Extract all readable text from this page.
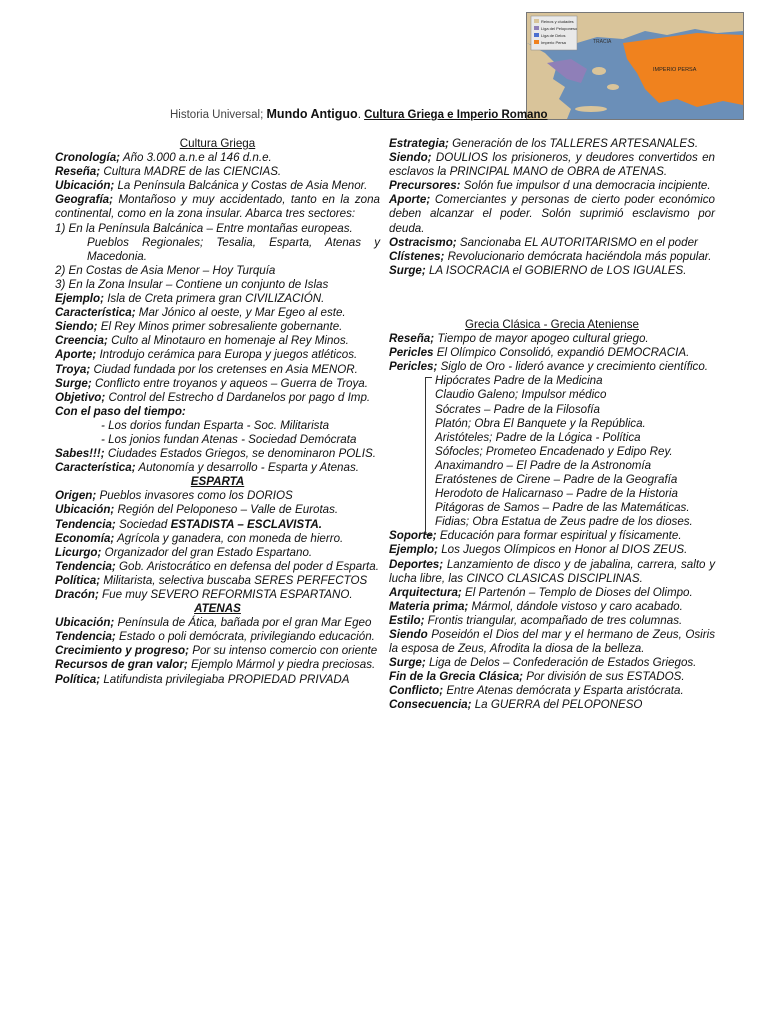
Reinos y ciudades
Liga del Peloponeso
Liga de Delos
Imperio Persa	TRACIA
IMPERIO PERSA
Historia Universal; Mundo Antiguo. Cultura Griega e Imperio Romano
Cultura Griega
Cronología; Año 3.000 a.n.e al 146 d.n.e.
Reseña; Cultura MADRE de las CIENCIAS.
Ubicación; La Península Balcánica y Costas de Asia Menor.
Geografía; Montañoso y muy accidentado, tanto en la zona continental, como en la zona insular. Abarca tres sectores:
1) En la Península Balcánica – Entre montañas europeas.
Pueblos Regionales; Tesalia, Esparta, Atenas y Macedonia.
2) En Costas de Asia Menor – Hoy Turquía
3) En la Zona Insular – Contiene un conjunto de Islas
Ejemplo; Isla de Creta primera gran CIVILIZACIÓN.
Característica; Mar Jónico al oeste, y Mar Egeo al este.
Siendo; El Rey Minos primer sobresaliente gobernante.
Creencia; Culto al Minotauro en homenaje al Rey Minos.
Aporte; Introdujo cerámica para Europa y juegos atléticos.
Troya; Ciudad fundada por los cretenses en Asia MENOR.
Surge; Conflicto entre troyanos y aqueos – Guerra de Troya.
Objetivo; Control del Estrecho d Dardanelos por pago d Imp.
Con el paso del tiempo:
- Los dorios fundan Esparta - Soc. Militarista
- Los jonios fundan Atenas - Sociedad Demócrata
Sabes!!!; Ciudades Estados Griegos, se denominaron POLIS.
Característica; Autonomía y desarrollo - Esparta y Atenas.
ESPARTA
Origen; Pueblos invasores como los DORIOS
Ubicación; Región del Peloponeso – Valle de Eurotas.
Tendencia; Sociedad ESTADISTA – ESCLAVISTA.
Economía; Agrícola y ganadera, con moneda de hierro.
Licurgo; Organizador del gran Estado Espartano.
Tendencia; Gob. Aristocrático en defensa del poder d Esparta.
Política; Militarista, selectiva buscaba SERES PERFECTOS
Dracón; Fue muy SEVERO REFORMISTA ESPARTANO.
ATENAS
Ubicación; Península de Ática, bañada por el gran Mar Egeo
Tendencia; Estado o poli demócrata, privilegiando educación.
Crecimiento y progreso; Por su intenso comercio con oriente
Recursos de gran valor; Ejemplo Mármol y piedra preciosas.
Política; Latifundista privilegiaba PROPIEDAD PRIVADA
Estrategia; Generación de los TALLERES ARTESANALES.
Siendo; DOULIOS los prisioneros, y deudores convertidos en esclavos la PRINCIPAL MANO de OBRA de ATENAS.
Precursores: Solón fue impulsor d una democracia incipiente.
Aporte; Comerciantes y personas de cierto poder económico deben alcanzar el poder. Solón suprimió esclavismo por deuda.
Ostracismo; Sancionaba EL AUTORITARISMO en el poder
Clístenes; Revolucionario demócrata haciéndola más popular.
Surge; LA ISOCRACIA el GOBIERNO de LOS IGUALES.
Grecia Clásica - Grecia Ateniense
Reseña; Tiempo de mayor apogeo cultural griego.
Pericles El Olímpico Consolidó, expandió DEMOCRACIA.
Pericles; Siglo de Oro - lideró avance y crecimiento científico.
Hipócrates Padre de la Medicina
Claudio Galeno; Impulsor médico
Sócrates – Padre de la Filosofía
Platón; Obra El Banquete y la República.
Aristóteles; Padre de la Lógica - Política
Sófocles; Prometeo Encadenado y Edipo Rey.
Anaximandro – El Padre de la Astronomía
Eratóstenes de Cirene – Padre de la Geografía
Herodoto de Halicarnaso – Padre de la Historia
Pitágoras de Samos – Padre de las Matemáticas.
Fidias; Obra Estatua de Zeus padre de los dioses.
Soporte; Educación para formar espiritual y físicamente.
Ejemplo; Los Juegos Olímpicos en Honor al DIOS ZEUS.
Deportes; Lanzamiento de disco y de jabalina, carrera, salto y lucha libre, las CINCO CLASICAS DISCIPLINAS.
Arquitectura; El Partenón – Templo de Dioses del Olimpo.
Materia prima; Mármol, dándole vistoso y caro acabado.
Estilo; Frontis triangular, acompañado de tres columnas.
Siendo Poseidón el Dios del mar y el hermano de Zeus, Osiris la esposa de Zeus, Afrodita la diosa de la belleza.
Surge; Liga de Delos – Confederación de Estados Griegos.
Fin de la Grecia Clásica; Por división de sus ESTADOS.
Conflicto; Entre Atenas demócrata y Esparta aristócrata.
Consecuencia; La GUERRA del PELOPONESO
